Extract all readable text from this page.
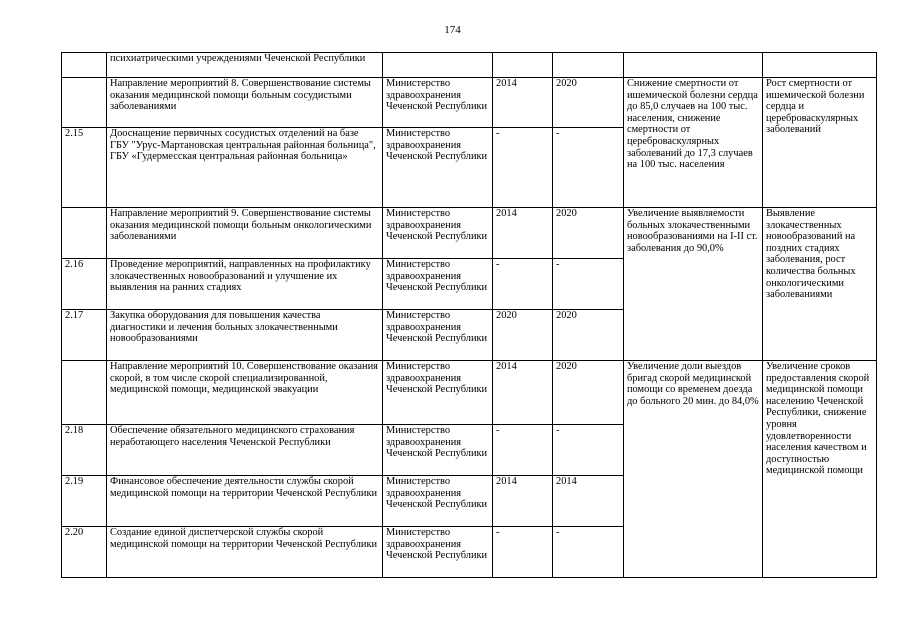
174
	психиатрическими учреждениями Чеченской Республики					
	Направление мероприятий 8. Совершенствование системы оказания медицинской помощи больным сосудистыми заболеваниями	Министерство здравоохранения Чеченской Республики	2014	2020	Снижение смертности от ишемической болезни сердца до 85,0 случаев на 100 тыс. населения, снижение смертности от цереброваскулярных заболеваний до 17,3 случаев на 100 тыс. населения	Рост смертности от ишемической болезни сердца и цереброваскулярных заболеваний
2.15	Дооснащение первичных сосудистых отделений на базе ГБУ "Урус-Мартановская центральная районная больница", ГБУ «Гудермесская центральная районная больница»	Министерство здравоохранения Чеченской Республики	-	-		
	Направление мероприятий 9. Совершенствование системы оказания медицинской помощи больным онкологическими заболеваниями	Министерство здравоохранения Чеченской Республики	2014	2020	Увеличение выявляемости больных злокачественными новообразованиями на I-II ст. заболевания до 90,0%	Выявление злокачественных новообразований на поздних стадиях заболевания, рост количества больных онкологическими заболеваниями
2.16	Проведение мероприятий, направленных на профилактику злокачественных новообразований и улучшение их выявления на ранних стадиях	Министерство здравоохранения Чеченской Республики	-	-		
2.17	Закупка оборудования для повышения качества диагностики и лечения больных злокачественными новообразованиями	Министерство здравоохранения Чеченской Республики	2020	2020		
	Направление мероприятий 10. Совершенствование оказания скорой, в том числе скорой специализированной, медицинской помощи, медицинской эвакуации	Министерство здравоохранения Чеченской Республики	2014	2020	Увеличение доли выездов бригад скорой медицинской помощи со временем доезда до больного 20 мин. до 84,0%	Увеличение сроков предоставления скорой медицинской помощи населению Чеченской Республики, снижение уровня удовлетворенности населения качеством и доступностью медицинской помощи
2.18	Обеспечение обязательного медицинского страхования неработающего населения Чеченской Республики	Министерство здравоохранения Чеченской Республики	-	-		
2.19	Финансовое обеспечение деятельности службы скорой медицинской помощи на территории Чеченской Республики	Министерство здравоохранения Чеченской Республики	2014	2014		
2.20	Создание единой диспетчерской службы скорой медицинской помощи на территории Чеченской Республики	Министерство здравоохранения Чеченской Республики	-	-		
